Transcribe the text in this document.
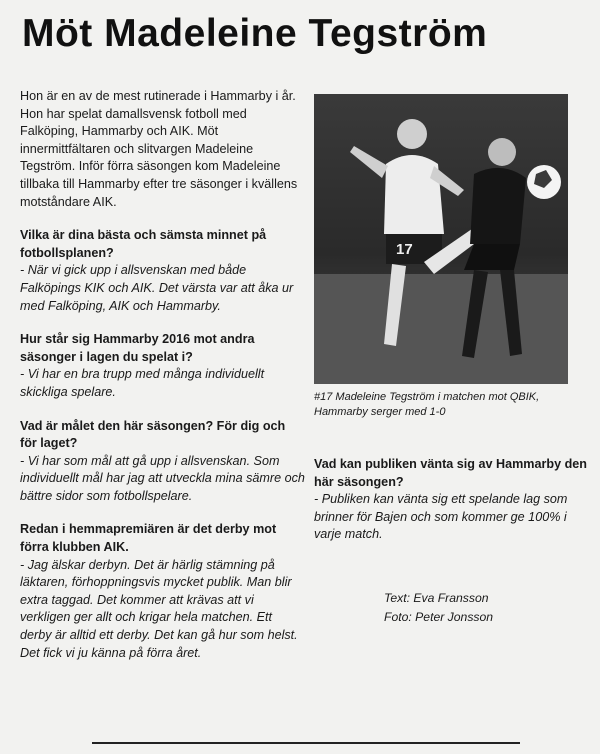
Möt Madeleine Tegström

Hon är en av de mest rutinerade i Hammarby i år. Hon har spelat damallsvensk fotboll med Falköping, Hammarby och AIK. Möt innermittfältaren och slitvargen Madeleine Tegström. Inför förra säsongen kom Madeleine tillbaka till Hammarby efter tre säsonger i kvällens motståndare AIK.

Vilka är dina bästa och sämsta minnet på fotbollsplanen?

- När vi gick upp i allsvenskan med både Falköpings KIK och AIK. Det värsta var att åka ur med Falköping, AIK och Hammarby.

Hur står sig Hammarby 2016 mot andra säsonger i lagen du spelat i?

- Vi har en bra trupp med många individuellt skickliga spelare.

Vad är målet den här säsongen? För dig och för laget?

- Vi har som mål att gå upp i allsvenskan. Som individuellt mål har jag att utveckla mina sämre och bättre sidor som fotbollspelare.

Redan i hemmapremiären är det derby mot förra klubben AIK.

- Jag älskar derbyn. Det är härlig stämning på läktaren, förhoppningsvis mycket publik. Man blir extra taggad. Det kommer att krävas att vi verkligen ger allt och krigar hela matchen. Ett derby är alltid ett derby. Det kan gå hur som helst. Det fick vi ju känna på förra året.

17

#17 Madeleine Tegström i matchen mot QBIK, Hammarby serger med 1-0

Vad kan publiken vänta sig av Hammarby den här säsongen?

- Publiken kan vänta sig ett spelande lag som brinner för Bajen och som kommer ge 100% i varje match.

Text: Eva Fransson
Foto: Peter Jonsson
